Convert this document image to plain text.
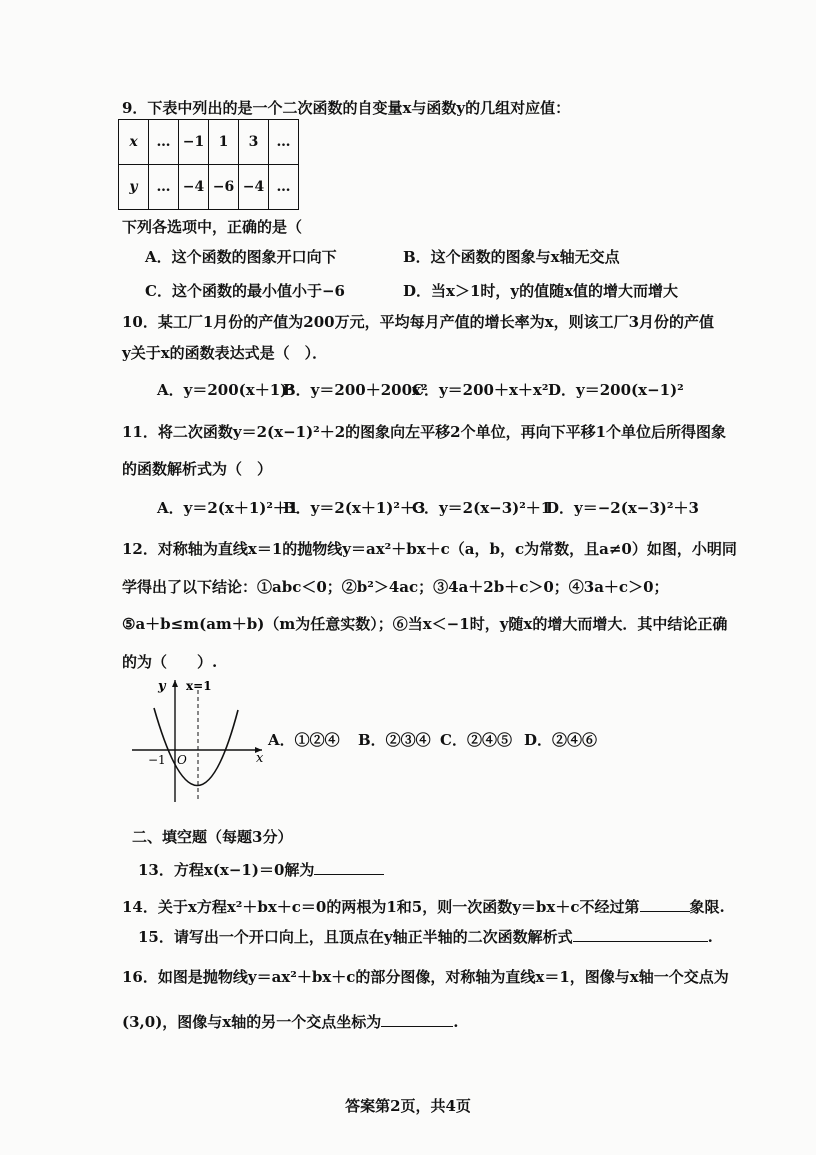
9．下表中列出的是一个二次函数的自变量x与函数y的几组对应值：
x	…	−1	1	3	…
y	…	−4	−6	−4	…
下列各选项中，正确的是（
A．这个函数的图象开口向下	B．这个函数的图象与x轴无交点
C．这个函数的最小值小于−6	D．当x＞1时，y的值随x值的增大而增大
10．某工厂1月份的产值为200万元，平均每月产值的增长率为x，则该工厂3月份的产值
y关于x的函数表达式是（　）．
A．y＝200(x＋1)²
B．y＝200＋200x²
C．y＝200＋x＋x² D．y＝200(x−1)²
11．将二次函数y＝2(x−1)²＋2的图象向左平移2个单位，再向下平移1个单位后所得图象
的函数解析式为（　）
A．y＝2(x＋1)²＋1
B．y＝2(x＋1)²＋3
C．y＝2(x−3)²＋1
D．y＝−2(x−3)²＋3
12．对称轴为直线x＝1的抛物线y＝ax²＋bx＋c（a，b，c为常数，且a≠0）如图，小明同
学得出了以下结论：①abc＜0；②b²＞4ac；③4a＋2b＋c＞0；④3a＋c＞0；
⑤a＋b≤m(am＋b)（m为任意实数）；⑥当x＜−1时，y随x的增大而增大．其中结论正确
的为（　　）.
y x=1
x
O
−1
A．①②④ B．②③④ C．②④⑤ D．②④⑥
二、填空题（每题3分）
13．方程x(x−1)＝0解为
14．关于x方程x²＋bx＋c＝0的两根为1和5，则一次函数y＝bx＋c不经过第	象限.
15．请写出一个开口向上，且顶点在y轴正半轴的二次函数解析式	.
16．如图是抛物线y＝ax²＋bx＋c的部分图像，对称轴为直线x＝1，图像与x轴一个交点为
(3,0)，图像与x轴的另一个交点坐标为	.
答案第2页，共4页
